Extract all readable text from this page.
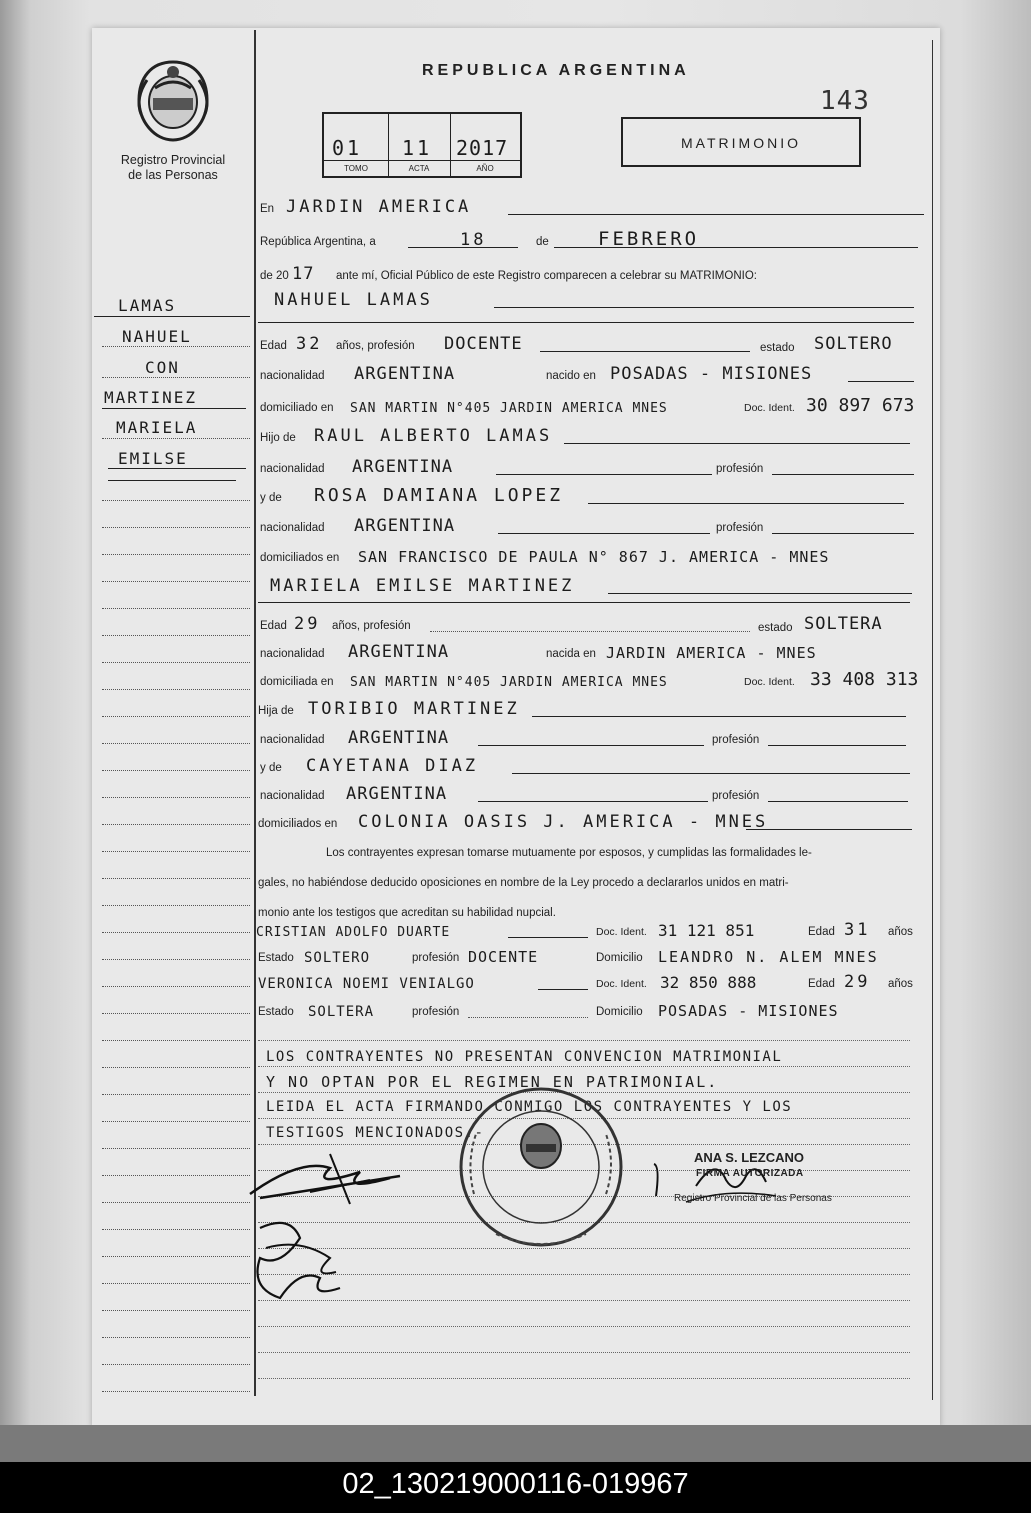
Registro Provincial
de las Personas
REPUBLICA ARGENTINA
143
01
TOMO
11
ACTA
2017
AÑO
MATRIMONIO
LAMAS
NAHUEL
CON
MARTINEZ
MARIELA
EMILSE
En JARDIN AMERICA
República Argentina, a	18	de	FEBRERO
de 20 17 ante mí, Oficial Público de este Registro comparecen a celebrar su MATRIMONIO:
NAHUEL LAMAS
Edad 32 años, profesión DOCENTE	estado SOLTERO
nacionalidad ARGENTINA	nacido en POSADAS - MISIONES
domiciliado en SAN MARTIN N°405 JARDIN AMERICA MNES	Doc. Ident. 30 897 673
Hijo de RAUL ALBERTO LAMAS
nacionalidad ARGENTINA	profesión
y de ROSA DAMIANA LOPEZ
nacionalidad ARGENTINA	profesión
domiciliados en SAN FRANCISCO DE PAULA N° 867 J. AMERICA - MNES
MARIELA EMILSE MARTINEZ
Edad 29 años, profesión	estado SOLTERA
nacionalidad ARGENTINA	nacida en JARDIN AMERICA - MNES
domiciliada en SAN MARTIN N°405 JARDIN AMERICA MNES	Doc. Ident. 33 408 313
Hija de TORIBIO MARTINEZ
nacionalidad ARGENTINA	profesión
y de CAYETANA DIAZ
nacionalidad ARGENTINA	profesión
domiciliados en COLONIA OASIS J. AMERICA - MNES
Los contrayentes expresan tomarse mutuamente por esposos, y cumplidas las formalidades le-
gales, no habiéndose deducido oposiciones en nombre de la Ley procedo a declararlos unidos en matri-
monio ante los testigos que acreditan su habilidad nupcial.
CRISTIAN ADOLFO DUARTE	Doc. Ident. 31 121 851	Edad 31 años
Estado SOLTERO	profesión DOCENTE	Domicilio LEANDRO N. ALEM MNES
VERONICA NOEMI VENIALGO	Doc. Ident. 32 850 888	Edad 29 años
Estado SOLTERA	profesión	Domicilio POSADAS - MISIONES
LOS CONTRAYENTES NO PRESENTAN CONVENCION MATRIMONIAL
Y NO OPTAN POR EL REGIMEN EN PATRIMONIAL.
LEIDA EL ACTA FIRMANDO CONMIGO LOS CONTRAYENTES Y LOS
TESTIGOS MENCIONADOS.-
ANA S. LEZCANO
FIRMA AUTORIZADA
Registro Provincial de las Personas
02_130219000116-019967
